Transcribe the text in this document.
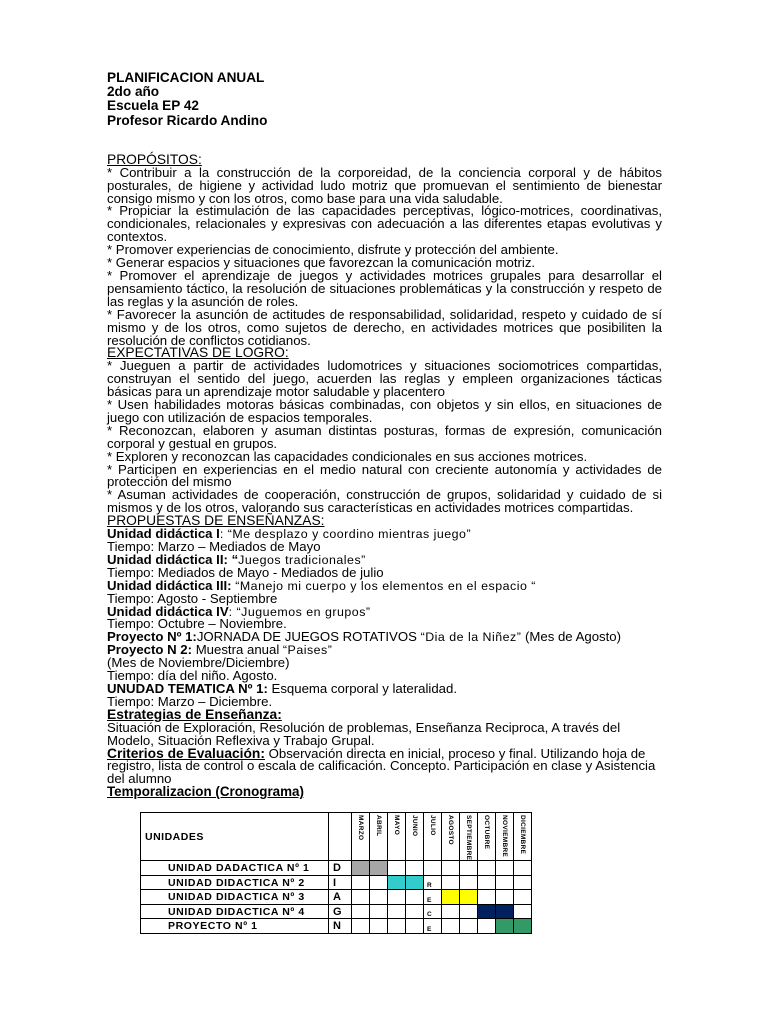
PLANIFICACION ANUAL
2do año
Escuela EP 42
Profesor Ricardo Andino
PROPÓSITOS:
* Contribuir a la construcción de la corporeidad, de la conciencia corporal y de hábitos posturales, de higiene y actividad ludo motriz que promuevan el sentimiento de bienestar consigo mismo y con los otros, como base para una vida saludable.
* Propiciar la estimulación de las capacidades perceptivas, lógico-motrices, coordinativas, condicionales, relacionales y expresivas con adecuación a las diferentes etapas evolutivas y contextos.
* Promover experiencias de conocimiento, disfrute y protección del ambiente.
* Generar espacios y situaciones que favorezcan la comunicación motriz.
* Promover el aprendizaje de juegos y actividades motrices grupales para desarrollar el pensamiento táctico, la resolución de situaciones problemáticas y la construcción y respeto de las reglas y la asunción de roles.
* Favorecer la asunción de actitudes de responsabilidad, solidaridad, respeto y cuidado de sí mismo y de los otros, como sujetos de derecho, en actividades motrices que posibiliten la resolución de conflictos cotidianos.
EXPECTATIVAS DE LOGRO:
* Jueguen a partir de actividades ludomotrices y situaciones sociomotrices compartidas, construyan el sentido del juego, acuerden las reglas y empleen organizaciones tácticas básicas para un aprendizaje motor saludable y placentero
* Usen habilidades motoras básicas combinadas, con objetos y sin ellos, en situaciones de juego con utilización de espacios temporales.
* Reconozcan, elaboren y asuman distintas posturas, formas de expresión, comunicación corporal y gestual en grupos.
* Exploren y reconozcan las capacidades condicionales en sus acciones motrices.
* Participen en experiencias en el medio natural con creciente autonomía y actividades de protección del mismo
* Asuman actividades de cooperación, construcción de grupos, solidaridad y cuidado de si mismos y de los otros, valorando sus características en actividades motrices compartidas.
PROPUESTAS DE ENSEÑANZAS:
Unidad didáctica I: “Me desplazo y coordino mientras juego”
Tiempo: Marzo – Mediados de Mayo
Unidad didáctica II: “Juegos tradicionales”
Tiempo: Mediados de Mayo - Mediados de julio
Unidad didáctica III: “Manejo mi cuerpo y los elementos en el espacio “
Tiempo: Agosto - Septiembre
Unidad didáctica IV: “Juguemos en grupos”
Tiempo: Octubre – Noviembre.
Proyecto Nº 1:JORNADA DE JUEGOS ROTATIVOS “Dia de la Niñez” (Mes de Agosto)
Proyecto N 2: Muestra anual “Paises”
(Mes de Noviembre/Diciembre)
Tiempo: día del niño. Agosto.
UNUDAD TEMATICA Nº 1: Esquema corporal y lateralidad.
Tiempo: Marzo – Diciembre.
Estrategias de Enseñanza:
Situación de Exploración, Resolución de problemas, Enseñanza Reciproca, A través del Modelo, Situación Reflexiva y Trabajo Grupal.
Criterios de Evaluación: Observación directa en inicial, proceso y final. Utilizando hoja de registro, lista de control o escala de calificación. Concepto. Participación en clase y Asistencia del alumno
Temporalizacion (Cronograma)
UNIDADES		MARZO	ABRIL	MAYO	JUNIO	JULIO	AGOSTO	SEPTIEMBRE	OCTUBRE	NOVIEMBRE	DICIEMBRE

UNIDAD DADACTICA Nº 1	D										
UNIDAD DIDACTICA Nº 2	I					R					
UNIDAD DIDACTICA Nº 3	A					E					
UNIDAD DIDACTICA Nº 4	G					C					
PROYECTO Nº 1	N					E					
